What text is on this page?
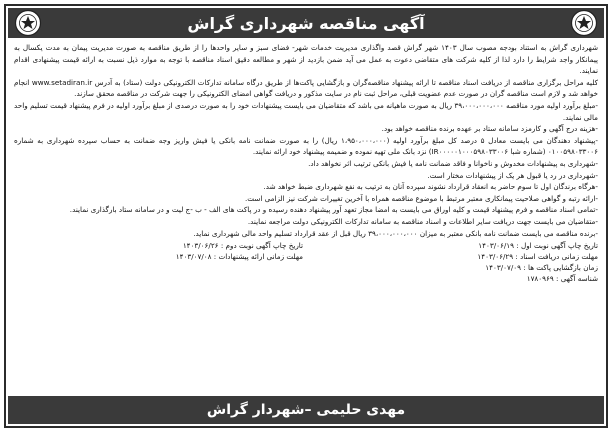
آگهی مناقصه شهرداری گراش

شهرداری گراش به استناد بودجه مصوب سال ۱۴۰۳ شهر گراش قصد واگذاری مدیریت خدمات شهر- فضای سبز و سایر واحدها را از طریق مناقصه به صورت مدیریت پیمان به مدت یکسال به پیمانکار واجد شرایط را دارد لذا از کلیه شرکت های متقاضی دعوت به عمل می آید ضمن بازدید از شهر و مطالعه دقیق اسناد مناقصه با توجه به موارد ذیل نسبت به ارائه قیمت پیشنهادی اقدام نمایند.

کلیه مراحل برگزاری مناقصه از دریافت اسناد مناقصه تا ارائه پیشنهاد مناقصه‌گران و بازگشایی پاکت‌ها از طریق درگاه سامانه تدارکات الکترونیکی دولت (ستاد) به آدرس www.setadiran.ir انجام خواهد شد و لازم است مناقصه گران در صورت عدم عضویت قبلی، مراحل ثبت نام در سایت مذکور و دریافت گواهی امضای الکترونیکی را جهت شرکت در مناقصه محقق سازند.

-مبلغ برآورد اولیه مورد مناقصه ۳۹،۰۰۰،۰۰۰،۰۰۰ ریال به صورت ماهیانه می باشد که متقاضیان می بایست پیشنهادات خود را به صورت درصدی از مبلغ برآورد اولیه در فرم پیشنهاد قیمت تسلیم واحد مالی نمایند.

-هزینه درج آگهی و کارمزد سامانه ستاد بر عهده برنده مناقصه خواهد بود.

-پیشنهاد دهندگان می بایست معادل ۵ درصد کل مبلغ برآورد اولیه (۱،۹۵۰،۰۰۰،۰۰۰ ریال) را به صورت ضمانت نامه بانکی یا فیش واریز وجه ضمانت به حساب سپرده شهرداری به شماره ۰۱۰۰۵۹۸۰۳۳۰۰۶ (شماره شبا IR۰۰۰۰۰۱۰۰۰۵۹۸۰۳۳۰۰۶) نزد بانک ملی تهیه نموده و ضمیمه پیشنهاد خود ارائه نمایند.

-شهرداری به پیشنهادات مخدوش و ناخوانا و فاقد ضمانت نامه یا فیش بانکی ترتیب اثر نخواهد داد.

-شهرداری در رد یا قبول هر یک از پیشنهادات مختار است.

-هرگاه برندگان اول تا سوم حاضر به انعقاد قرارداد نشوند سپرده آنان به ترتیب به نفع شهرداری ضبط خواهد شد.

-ارائه رتبه و گواهی صلاحیت پیمانکاری معتبر مرتبط با موضوع مناقصه همراه با آخرین تغییرات شرکت نیز الزامی است.

-تمامی اسناد مناقصه و فرم پیشنهاد قیمت و کلیه اوراق می بایست به امضا مجاز تعهد آور پیشنهاد دهنده رسیده و در پاکت های الف - ب -ج لیت و در سامانه ستاد بارگذاری نمایند.

-متقاضیان می بایست جهت دریافت سایر اطلاعات و اسناد مناقصه به سامانه تدارکات الکترونیکی دولت مراجعه نمایند.

-برنده مناقصه می بایست ضمانت نامه بانکی معتبر به میزان ۳۹،۰۰۰،۰۰۰،۰۰۰ ریال قبل از عقد قرارداد تسلیم واحد مالی شهرداری نماید.

تاریخ چاپ آگهی نوبت اول : ۱۴۰۳/۰۶/۱۹
تاریخ چاپ آگهی نوبت دوم : ۱۴۰۳/۰۶/۲۶
مهلت زمانی دریافت اسناد : ۱۴۰۳/۰۶/۲۹
مهلت زمانی ارائه پیشنهادات : ۱۴۰۳/۰۷/۰۸
زمان بازگشایی پاکت ها : ۱۴۰۳/۰۷/۰۹
شناسه آگهی : ۱۷۸۰۹۶۹
مهدی حلیمی –شهردار گراش
